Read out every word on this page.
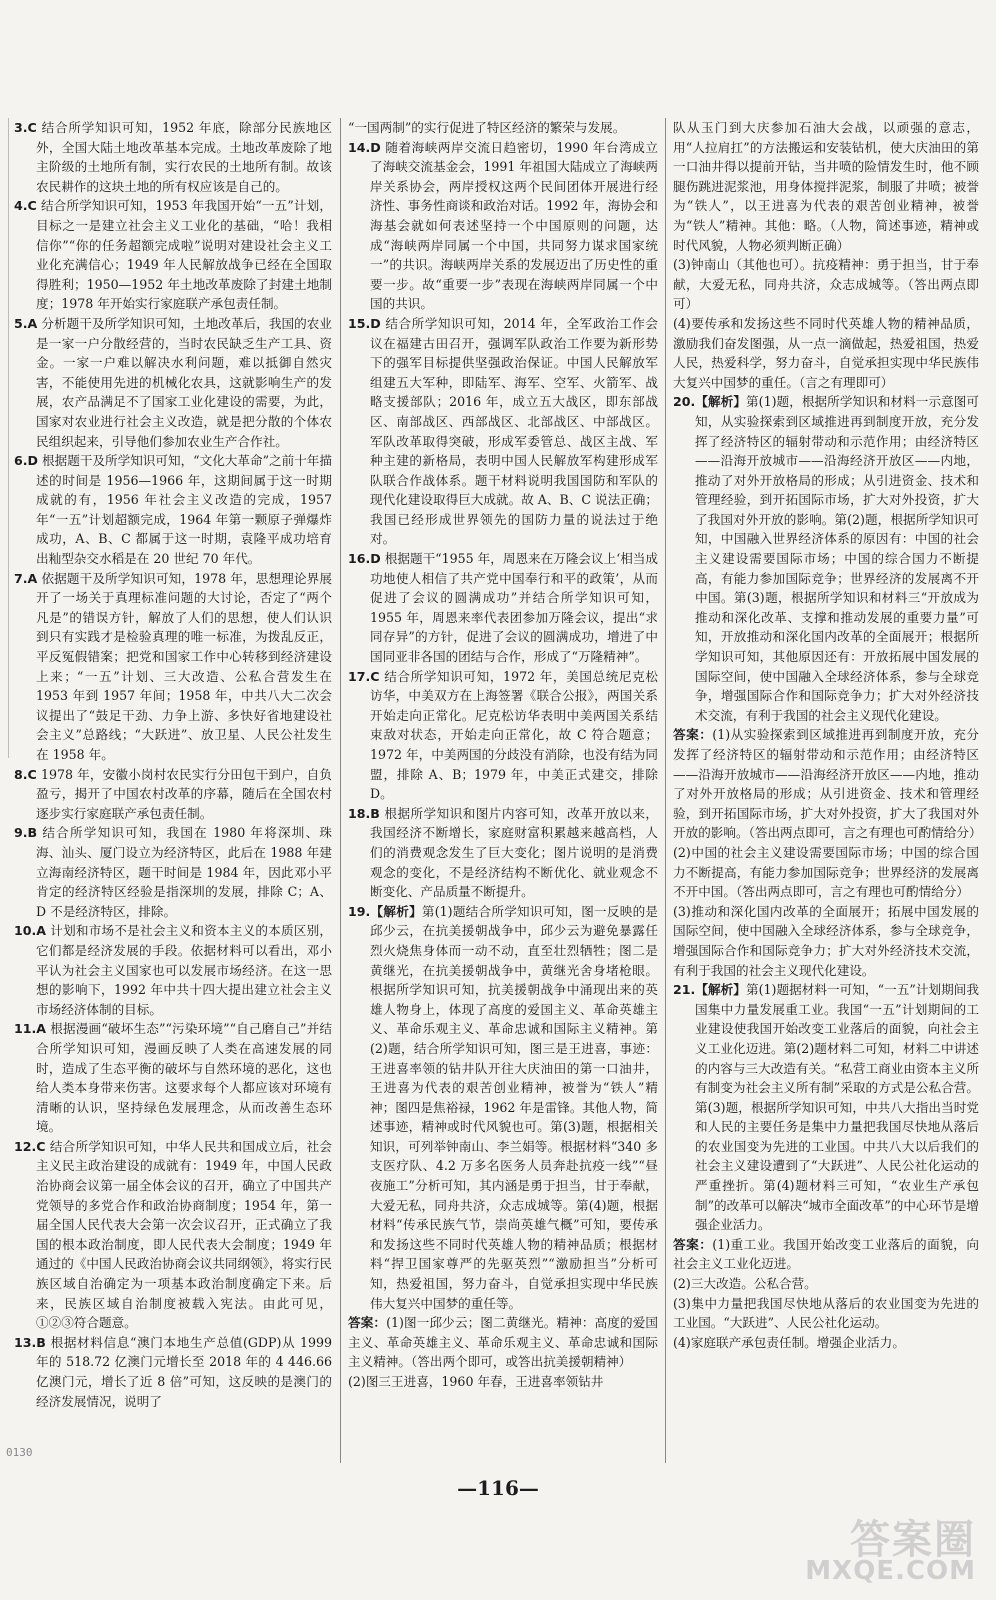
3.C 结合所学知识可知，1952 年底，除部分民族地区外，全国大陆土地改革基本完成。土地改革废除了地主阶级的土地所有制，实行农民的土地所有制。故该农民耕作的这块土地的所有权应该是自己的。

4.C 结合所学知识可知，1953 年我国开始“一五”计划，目标之一是建立社会主义工业化的基础，“哈！我相信你”“你的任务超额完成啦”说明对建设社会主义工业化充满信心；1949 年人民解放战争已经在全国取得胜利；1950—1952 年土地改革废除了封建土地制度；1978 年开始实行家庭联产承包责任制。

5.A 分析题干及所学知识可知，土地改革后，我国的农业是一家一户分散经营的，当时农民缺乏生产工具、资金。一家一户难以解决水利问题，难以抵御自然灾害，不能使用先进的机械化农具，这就影响生产的发展，农产品满足不了国家工业化建设的需要，为此，国家对农业进行社会主义改造，就是把分散的个体农民组织起来，引导他们参加农业生产合作社。

6.D 根据题干及所学知识可知，“文化大革命”之前十年描述的时间是 1956—1966 年，这期间属于这一时期成就的有，1956 年社会主义改造的完成，1957 年“一五”计划超额完成，1964 年第一颗原子弹爆炸成功，A、B、C 都属于这一时期，袁隆平成功培育出籼型杂交水稻是在 20 世纪 70 年代。

7.A 依据题干及所学知识可知，1978 年，思想理论界展开了一场关于真理标准问题的大讨论，否定了“两个凡是”的错误方针，解放了人们的思想，使人们认识到只有实践才是检验真理的唯一标准，为拨乱反正，平反冤假错案；把党和国家工作中心转移到经济建设上来；“一五”计划、三大改造、公私合营发生在 1953 年到 1957 年间；1958 年，中共八大二次会议提出了“鼓足干劲、力争上游、多快好省地建设社会主义”总路线；“大跃进”、放卫星、人民公社发生在 1958 年。

8.C 1978 年，安徽小岗村农民实行分田包干到户，自负盈亏，揭开了中国农村改革的序幕，随后在全国农村逐步实行家庭联产承包责任制。

9.B 结合所学知识可知，我国在 1980 年将深圳、珠海、汕头、厦门设立为经济特区，此后在 1988 年建立海南经济特区，题干时间是 1984 年，因此邓小平肯定的经济特区经验是指深圳的发展，排除 C；A、D 不是经济特区，排除。

10.A 计划和市场不是社会主义和资本主义的本质区别，它们都是经济发展的手段。依据材料可以看出，邓小平认为社会主义国家也可以发展市场经济。在这一思想的影响下，1992 年中共十四大提出建立社会主义市场经济体制的目标。

11.A 根据漫画“破坏生态”“污染环境”“自己磨自己”并结合所学知识可知，漫画反映了人类在高速发展的同时，造成了生态平衡的破坏与自然环境的恶化，这也给人类本身带来伤害。这要求每个人都应该对环境有清晰的认识，坚持绿色发展理念，从而改善生态环境。

12.C 结合所学知识可知，中华人民共和国成立后，社会主义民主政治建设的成就有：1949 年，中国人民政治协商会议第一届全体会议的召开，确立了中国共产党领导的多党合作和政治协商制度；1954 年，第一届全国人民代表大会第一次会议召开，正式确立了我国的根本政治制度，即人民代表大会制度；1949 年通过的《中国人民政治协商会议共同纲领》，将实行民族区域自治确定为一项基本政治制度确定下来。后来，民族区域自治制度被载入宪法。由此可见，①②③符合题意。

13.B 根据材料信息“澳门本地生产总值(GDP)从 1999 年的 518.72 亿澳门元增长至 2018 年的 4 446.66 亿澳门元，增长了近 8 倍”可知，这反映的是澳门的经济发展情况，说明了

“一国两制”的实行促进了特区经济的繁荣与发展。

14.D 随着海峡两岸交流日趋密切，1990 年台湾成立了海峡交流基金会，1991 年祖国大陆成立了海峡两岸关系协会，两岸授权这两个民间团体开展进行经济性、事务性商谈和政治对话。1992 年，海协会和海基会就如何表述坚持一个中国原则的问题，达成“海峡两岸同属一个中国，共同努力谋求国家统一”的共识。海峡两岸关系的发展迈出了历史性的重要一步。故“重要一步”表现在海峡两岸同属一个中国的共识。

15.D 结合所学知识可知，2014 年，全军政治工作会议在福建古田召开，强调军队政治工作要为新形势下的强军目标提供坚强政治保证。中国人民解放军组建五大军种，即陆军、海军、空军、火箭军、战略支援部队；2016 年，成立五大战区，即东部战区、南部战区、西部战区、北部战区、中部战区。军队改革取得突破，形成军委管总、战区主战、军种主建的新格局，表明中国人民解放军构建形成军队联合作战体系。题干材料说明我国国防和军队的现代化建设取得巨大成就。故 A、B、C 说法正确；我国已经形成世界领先的国防力量的说法过于绝对。

16.D 根据题干“1955 年，周恩来在万隆会议上‘相当成功地使人相信了共产党中国奉行和平的政策’，从而促进了会议的圆满成功”并结合所学知识可知，1955 年，周恩来率代表团参加万隆会议，提出“求同存异”的方针，促进了会议的圆满成功，增进了中国同亚非各国的团结与合作，形成了“万隆精神”。

17.C 结合所学知识可知，1972 年，美国总统尼克松访华，中美双方在上海签署《联合公报》，两国关系开始走向正常化。尼克松访华表明中美两国关系结束敌对状态，开始走向正常化，故 C 符合题意；1972 年，中美两国的分歧没有消除，也没有结为同盟，排除 A、B；1979 年，中美正式建交，排除 D。

18.B 根据所学知识和图片内容可知，改革开放以来，我国经济不断增长，家庭财富积累越来越高档，人们的消费观念发生了巨大变化；图片说明的是消费观念的变化，不是经济结构不断优化、就业观念不断变化、产品质量不断提升。

19.【解析】第(1)题结合所学知识可知，图一反映的是邱少云，在抗美援朝战争中，邱少云为避免暴露任烈火烧焦身体而一动不动，直至壮烈牺牲；图二是黄继光，在抗美援朝战争中，黄继光舍身堵枪眼。根据所学知识可知，抗美援朝战争中涌现出来的英雄人物身上，体现了高度的爱国主义、革命英雄主义、革命乐观主义、革命忠诚和国际主义精神。第(2)题，结合所学知识可知，图三是王进喜，事迹：王进喜率领的钻井队开往大庆油田的第一口油井，王进喜为代表的艰苦创业精神，被誉为“铁人”精神；图四是焦裕禄，1962 年是雷锋。其他人物，简述事迹，精神或时代风貌也可。第(3)题，根据相关知识，可列举钟南山、李兰娟等。根据材料“340 多支医疗队、4.2 万多名医务人员奔赴抗疫一线”“昼夜施工”分析可知，其内涵是勇于担当，甘于奉献，大爱无私，同舟共济，众志成城等。第(4)题，根据材料“传承民族气节，崇尚英雄气概”可知，要传承和发扬这些不同时代英雄人物的精神品质；根据材料“捍卫国家尊严的先驱英烈”“激励担当”分析可知，热爱祖国，努力奋斗，自觉承担实现中华民族伟大复兴中国梦的重任等。

答案：(1)图一邱少云；图二黄继光。精神：高度的爱国主义、革命英雄主义、革命乐观主义、革命忠诚和国际主义精神。（答出两个即可，或答出抗美援朝精神）

(2)图三王进喜，1960 年春，王进喜率领钻井

队从玉门到大庆参加石油大会战，以顽强的意志，用“人拉肩扛”的方法搬运和安装钻机，使大庆油田的第一口油井得以提前开钻，当井喷的险情发生时，他不顾腿伤跳进泥浆池，用身体搅拌泥浆，制服了井喷；被誉为“铁人”，以王进喜为代表的艰苦创业精神，被誉为“铁人”精神。其他：略。（人物，简述事迹，精神或时代风貌，人物必须判断正确）

(3)钟南山（其他也可）。抗疫精神：勇于担当，甘于奉献，大爱无私，同舟共济，众志成城等。（答出两点即可）

(4)要传承和发扬这些不同时代英雄人物的精神品质，激励我们奋发图强，从一点一滴做起，热爱祖国，热爱人民，热爱科学，努力奋斗，自觉承担实现中华民族伟大复兴中国梦的重任。（言之有理即可）

20.【解析】第(1)题，根据所学知识和材料一示意图可知，从实验探索到区域推进再到制度开放，充分发挥了经济特区的辐射带动和示范作用；由经济特区——沿海开放城市——沿海经济开放区——内地，推动了对外开放格局的形成；从引进资金、技术和管理经验，到开拓国际市场，扩大对外投资，扩大了我国对外开放的影响。第(2)题，根据所学知识可知，中国融入世界经济体系的原因有：中国的社会主义建设需要国际市场；中国的综合国力不断提高，有能力参加国际竞争；世界经济的发展离不开中国。第(3)题，根据所学知识和材料三“开放成为推动和深化改革、支撑和推动发展的重要力量”可知，开放推动和深化国内改革的全面展开；根据所学知识可知，其他原因还有：开放拓展中国发展的国际空间，使中国融入全球经济体系，参与全球竞争，增强国际合作和国际竞争力；扩大对外经济技术交流，有利于我国的社会主义现代化建设。

答案：(1)从实验探索到区域推进再到制度开放，充分发挥了经济特区的辐射带动和示范作用；由经济特区——沿海开放城市——沿海经济开放区——内地，推动了对外开放格局的形成；从引进资金、技术和管理经验，到开拓国际市场，扩大对外投资，扩大了我国对外开放的影响。（答出两点即可，言之有理也可酌情给分）

(2)中国的社会主义建设需要国际市场；中国的综合国力不断提高，有能力参加国际竞争；世界经济的发展离不开中国。（答出两点即可，言之有理也可酌情给分）

(3)推动和深化国内改革的全面展开；拓展中国发展的国际空间，使中国融入全球经济体系，参与全球竞争，增强国际合作和国际竞争力；扩大对外经济技术交流，有利于我国的社会主义现代化建设。

21.【解析】第(1)题据材料一可知，“一五”计划期间我国集中力量发展重工业。我国“一五”计划期间的工业建设使我国开始改变工业落后的面貌，向社会主义工业化迈进。第(2)题材料二可知，材料二中讲述的内容与三大改造有关。“私营工商业由资本主义所有制变为社会主义所有制”采取的方式是公私合营。第(3)题，根据所学知识可知，中共八大指出当时党和人民的主要任务是集中力量把我国尽快地从落后的农业国变为先进的工业国。中共八大以后我们的社会主义建设遭到了“大跃进”、人民公社化运动的严重挫折。第(4)题材料三可知，“农业生产承包制”的改革可以解决“城市全面改革”的中心环节是增强企业活力。

答案：(1)重工业。我国开始改变工业落后的面貌，向社会主义工业化迈进。

(2)三大改造。公私合营。

(3)集中力量把我国尽快地从落后的农业国变为先进的工业国。“大跃进”、人民公社化运动。

(4)家庭联产承包责任制。增强企业活力。

0130
—116—
答案圈
MXQE.COM
